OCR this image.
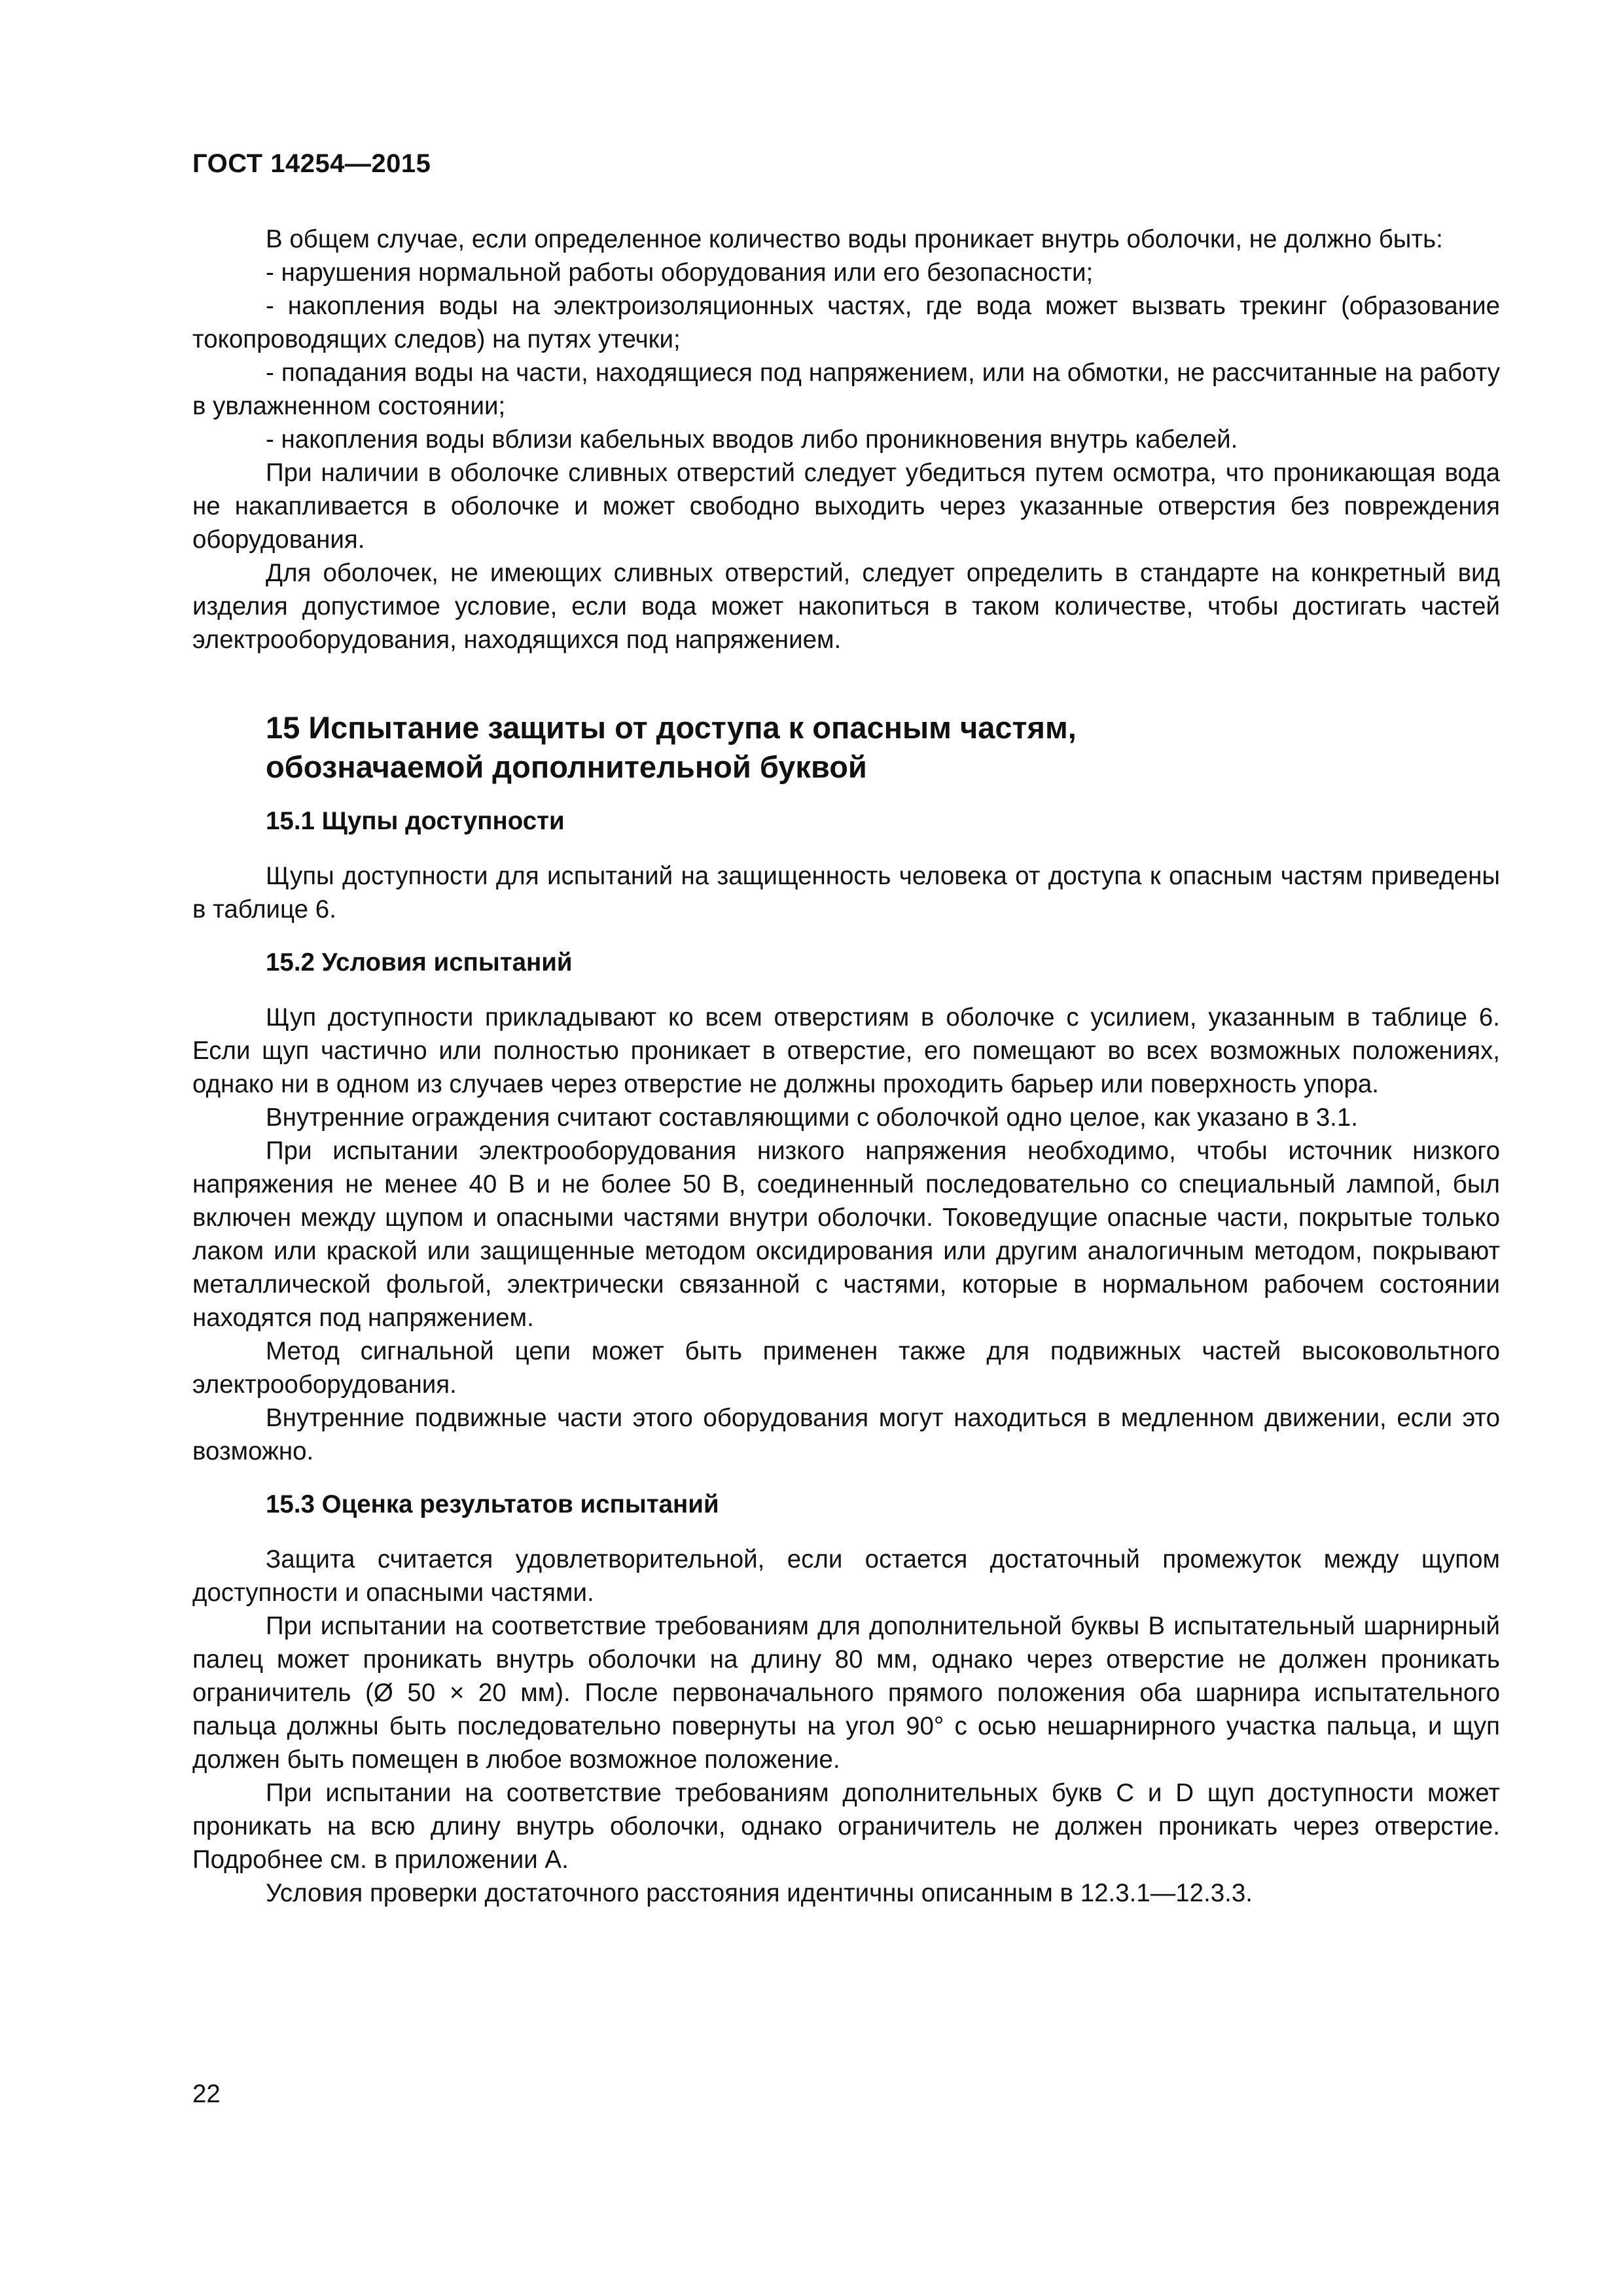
ГОСТ 14254—2015

В общем случае, если определенное количество воды проникает внутрь оболочки, не должно быть:

- нарушения нормальной работы оборудования или его безопасности;

- накопления воды на электроизоляционных частях, где вода может вызвать трекинг (образование токопроводящих следов) на путях утечки;

- попадания воды на части, находящиеся под напряжением, или на обмотки, не рассчитанные на работу в увлажненном состоянии;

- накопления воды вблизи кабельных вводов либо проникновения внутрь кабелей.

При наличии в оболочке сливных отверстий следует убедиться путем осмотра, что проникающая вода не накапливается в оболочке и может свободно выходить через указанные отверстия без повреждения оборудования.

Для оболочек, не имеющих сливных отверстий, следует определить в стандарте на конкретный вид изделия допустимое условие, если вода может накопиться в таком количестве, чтобы достигать частей электрооборудования, находящихся под напряжением.

15 Испытание защиты от доступа к опасным частям,
обозначаемой дополнительной буквой
15.1 Щупы доступности

Щупы доступности для испытаний на защищенность человека от доступа к опасным частям приведены в таблице 6.

15.2 Условия испытаний

Щуп доступности прикладывают ко всем отверстиям в оболочке с усилием, указанным в таблице 6. Если щуп частично или полностью проникает в отверстие, его помещают во всех возможных положениях, однако ни в одном из случаев через отверстие не должны проходить барьер или поверхность упора.

Внутренние ограждения считают составляющими с оболочкой одно целое, как указано в 3.1.

При испытании электрооборудования низкого напряжения необходимо, чтобы источник низкого напряжения не менее 40 В и не более 50 В, соединенный последовательно со специальный лампой, был включен между щупом и опасными частями внутри оболочки. Токоведущие опасные части, покрытые только лаком или краской или защищенные методом оксидирования или другим аналогичным методом, покрывают металлической фольгой, электрически связанной с частями, которые в нормальном рабочем состоянии находятся под напряжением.

Метод сигнальной цепи может быть применен также для подвижных частей высоковольтного электрооборудования.

Внутренние подвижные части этого оборудования могут находиться в медленном движении, если это возможно.

15.3 Оценка результатов испытаний

Защита считается удовлетворительной, если остается достаточный промежуток между щупом доступности и опасными частями.

При испытании на соответствие требованиям для дополнительной буквы В испытательный шарнирный палец может проникать внутрь оболочки на длину 80 мм, однако через отверстие не должен проникать ограничитель (Ø 50 × 20 мм). После первоначального прямого положения оба шарнира испытательного пальца должны быть последовательно повернуты на угол 90° с осью нешарнирного участка пальца, и щуп должен быть помещен в любое возможное положение.

При испытании на соответствие требованиям дополнительных букв С и D щуп доступности может проникать на всю длину внутрь оболочки, однако ограничитель не должен проникать через отверстие. Подробнее см. в приложении А.

Условия проверки достаточного расстояния идентичны описанным в 12.3.1—12.3.3.

22
